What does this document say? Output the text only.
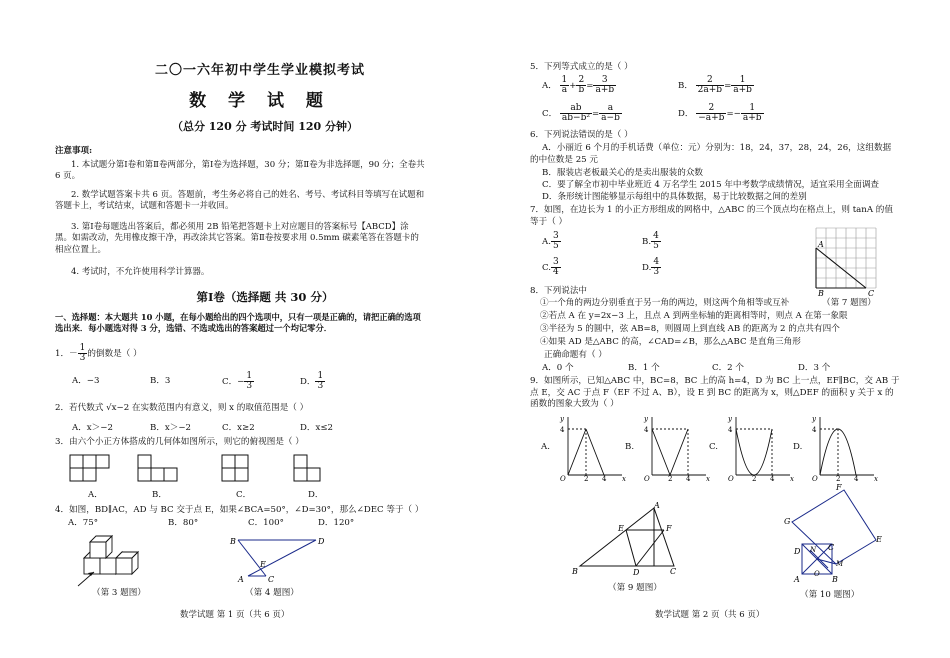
二〇一六年初中学生学业模拟考试
数 学 试 题
（总分 120 分 考试时间 120 分钟）
注意事项:
1. 本试题分第Ⅰ卷和第Ⅱ卷两部分，第Ⅰ卷为选择题，30 分；第Ⅱ卷为非选择题，90 分；全卷共 6 页。
2. 数学试题答案卡共 6 页。答题前，考生务必将自己的姓名、考号、考试科目等填写在试题和答题卡上，考试结束，试题和答题卡一并收回。
3. 第Ⅰ卷每题选出答案后，都必须用 2B 铅笔把答题卡上对应题目的答案标号【ABCD】涂黑。如需改动，先用橡皮擦干净，再改涂其它答案。第Ⅱ卷按要求用 0.5mm 碳素笔答在答题卡的相应位置上。
4. 考试时，不允许使用科学计算器。
第Ⅰ卷（选择题 共 30 分）
一、选择题：本大题共 10 小题，在每小题给出的四个选项中，只有一项是正确的，请把正确的选项选出来．每小题选对得 3 分，选错、不选或选出的答案超过一个均记零分．
1．－ $\frac{1}{3}$ 的倒数是（ ）
A．−3	B．3	C．− $\frac{1}{3}$	D． $\frac{1}{3}$
2．若代数式 √x−2 在实数范围内有意义，则 x 的取值范围是（ ）
A．x＞−2	B．x＞−2	C．x≥2	D．x≤2
3．由六个小正方体搭成的几何体如图所示，则它的俯视图是（ ）
A．	B．	C．	D．
4．如图，BD∥AC，AD 与 BC 交于点 E，如果∠BCA=50°，∠D=30°，那么∠DEC 等于（ ）
A．75°	B．80°	C．100°	D．120°
（第 3 题图）
B	D
E
A	C
（第 4 题图）
数学试题 第 1 页（共 6 页）
5．下列等式成立的是（ ）
A． $\frac{1}{a} + \frac{2}{b} = \frac{3}{a+b}$	B． $\frac{2}{2a+b} = \frac{1}{a+b}$
C． $\frac{ab}{\text{ab−b²}} = \frac{a}{a-b}$	D． $\frac{2}{-a+b} =- \frac{1}{a+b}$
6．下列说法错误的是（ ）
A．小丽近 6 个月的手机话费（单位：元）分别为：18，24，37，28，24，26，这组数据的中位数是 25 元
B．服装店老板最关心的是卖出服装的众数
C．要了解全市初中毕业班近 4 万名学生 2015 年中考数学成绩情况，适宜采用全面调查
D．条形统计图能够显示每组中的具体数据，易于比较数据之间的差别
7．如图，在边长为 1 的小正方形组成的网格中，△ABC 的三个顶点均在格点上，则 tanA 的值等于（ ）
A. $\frac{3}{5}$	B. $\frac{4}{5}$
C. $\frac{3}{4}$	D. $\frac{4}{3}$
A
B	C
8．下列说法中
①一个角的两边分别垂直于另一角的两边，则这两个角相等或互补	（第 7 题图）
②若点 A 在 y=2x−3 上，且点 A 到两坐标轴的距离相等时，则点 A 在第一象限
③半径为 5 的圆中，弦 AB=8，则圆周上到直线 AB 的距离为 2 的点共有四个
④如果 AD 是△ABC 的高，∠CAD=∠B，那么△ABC 是直角三角形
正确命题有（ ）
A．0 个	B．1 个	C．2 个	D．3 个
9．如图所示，已知△ABC 中，BC=8，BC 上的高 h=4，D 为 BC 上一点，EF∥BC，交 AB 于点 E，交 AC 于点 F（EF 不过 A、B），设 E 到 BC 的距离为 x，则△DEF 的面积 y 关于 x 的函数的图象大致为（ ）
A.	B.	C.	D.
y
x
4
O	2 4
y
x
4
O	2 4
y
x
4
O	2 4
y
x
4
O	2 4
A
E	F
B	D	C
（第 9 题图）
F
G
E
D N C
M
A
O
B
（第 10 题图）
数学试题 第 2 页（共 6 页）
